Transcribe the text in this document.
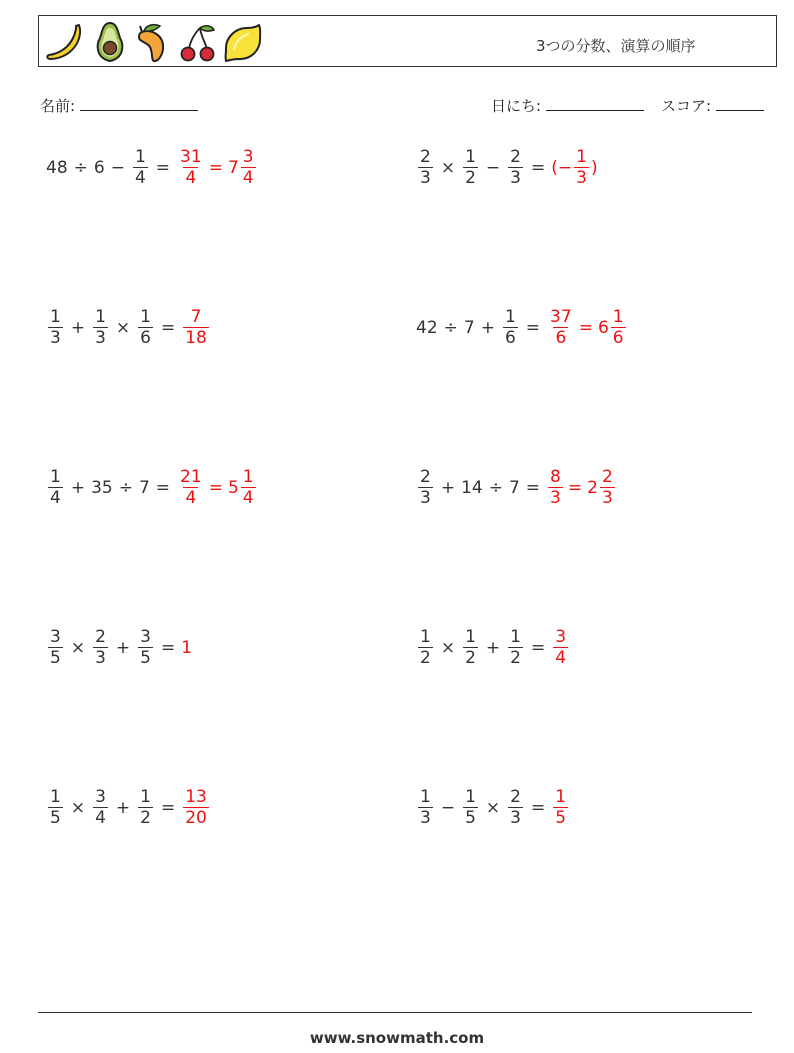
3つの分数、演算の順序
名前:	日にち:	スコア:
$48 \div 6 - \frac{1}{4} = \frac{31}{4} = 7 \frac{3}{4}$	$\frac{2}{3} \times \frac{1}{2} - \frac{2}{3}$ = (− $\frac{1}{3}$ )
$\frac{1}{3} + \frac{1}{3} \times \frac{1}{6} = \frac{7}{18}$	$42 \div 7 + \frac{1}{6} = \frac{37}{6} = 6 \frac{1}{6}$
$\frac{1}{4} + 35 \div 7 = \frac{21}{4} = 5 \frac{1}{4}$	$\frac{2}{3} + 14 \div 7 = \frac{8}{3} = 2 \frac{2}{3}$
$\frac{3}{5} \times \frac{2}{3} + \frac{3}{5} = 1$	$\frac{1}{2} \times \frac{1}{2} + \frac{1}{2} = \frac{3}{4}$
$\frac{1}{5} \times \frac{3}{4} + \frac{1}{2} = \frac{13}{20}$	$\frac{1}{3} - \frac{1}{5} \times \frac{2}{3} = \frac{1}{5}$
www.snowmath.com
